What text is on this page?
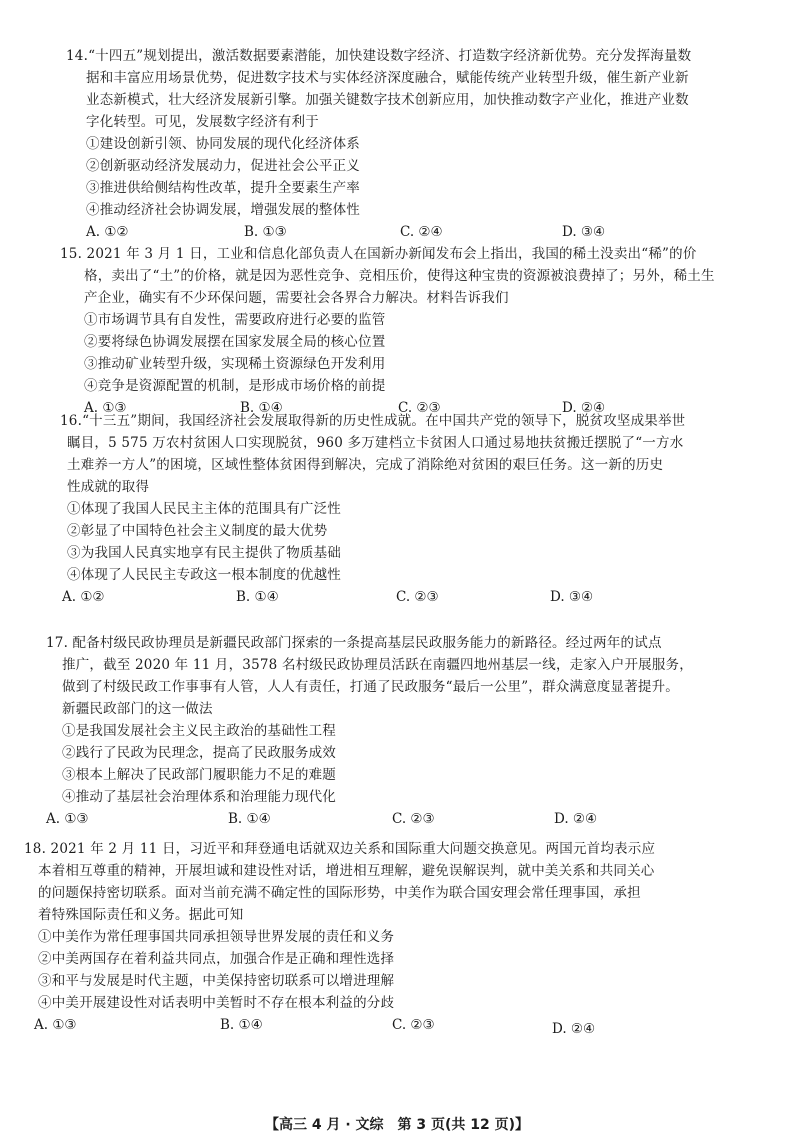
14.“十四五”规划提出，激活数据要素潜能，加快建设数字经济、打造数字经济新优势。充分发挥海量数
据和丰富应用场景优势，促进数字技术与实体经济深度融合，赋能传统产业转型升级，催生新产业新
业态新模式，壮大经济发展新引擎。加强关键数字技术创新应用，加快推动数字产业化，推进产业数
字化转型。可见，发展数字经济有利于
①建设创新引领、协同发展的现代化经济体系
②创新驱动经济发展动力，促进社会公平正义
③推进供给侧结构性改革，提升全要素生产率
④推动经济社会协调发展，增强发展的整体性
A. ①②	B. ①③	C. ②④	D. ③④
15. 2021 年 3 月 1 日，工业和信息化部负责人在国新办新闻发布会上指出，我国的稀土没卖出“稀”的价
格，卖出了“土”的价格，就是因为恶性竞争、竞相压价，使得这种宝贵的资源被浪费掉了；另外，稀土生
产企业，确实有不少环保问题，需要社会各界合力解决。材料告诉我们
①市场调节具有自发性，需要政府进行必要的监管
②要将绿色协调发展摆在国家发展全局的核心位置
③推动矿业转型升级，实现稀土资源绿色开发利用
④竞争是资源配置的机制，是形成市场价格的前提
A. ①③	B. ①④	C. ②③	D. ②④
16.“十三五”期间，我国经济社会发展取得新的历史性成就。在中国共产党的领导下，脱贫攻坚成果举世
瞩目，5 575 万农村贫困人口实现脱贫，960 多万建档立卡贫困人口通过易地扶贫搬迁摆脱了“一方水
土难养一方人”的困境，区域性整体贫困得到解决，完成了消除绝对贫困的艰巨任务。这一新的历史
性成就的取得
①体现了我国人民民主主体的范围具有广泛性
②彰显了中国特色社会主义制度的最大优势
③为我国人民真实地享有民主提供了物质基础
④体现了人民民主专政这一根本制度的优越性
A. ①②	B. ①④	C. ②③	D. ③④
17. 配备村级民政协理员是新疆民政部门探索的一条提高基层民政服务能力的新路径。经过两年的试点
推广，截至 2020 年 11 月，3578 名村级民政协理员活跃在南疆四地州基层一线，走家入户开展服务，
做到了村级民政工作事事有人管，人人有责任，打通了民政服务“最后一公里”，群众满意度显著提升。
新疆民政部门的这一做法
①是我国发展社会主义民主政治的基础性工程
②践行了民政为民理念，提高了民政服务成效
③根本上解决了民政部门履职能力不足的难题
④推动了基层社会治理体系和治理能力现代化
A. ①③	B. ①④	C. ②③	D. ②④
18. 2021 年 2 月 11 日，习近平和拜登通电话就双边关系和国际重大问题交换意见。两国元首均表示应
本着相互尊重的精神，开展坦诚和建设性对话，增进相互理解，避免误解误判，就中美关系和共同关心
的问题保持密切联系。面对当前充满不确定性的国际形势，中美作为联合国安理会常任理事国，承担
着特殊国际责任和义务。据此可知
①中美作为常任理事国共同承担领导世界发展的责任和义务
②中美两国存在着利益共同点，加强合作是正确和理性选择
③和平与发展是时代主题，中美保持密切联系可以增进理解
④中美开展建设性对话表明中美暂时不存在根本利益的分歧
A. ①③	B. ①④	C. ②③	D. ②④
【高三 4 月 · 文综　第 3 页(共 12 页)】
